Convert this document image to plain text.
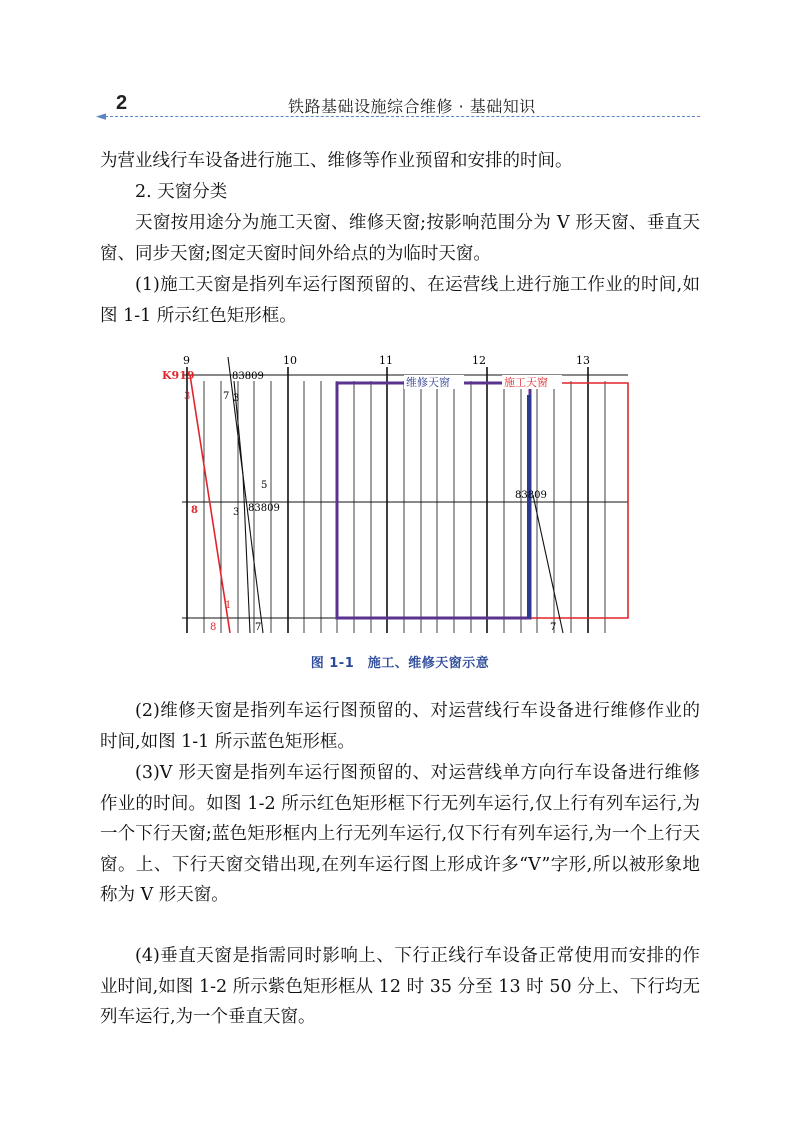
2	铁路基础设施综合维修 · 基础知识
◄

为营业线行车设备进行施工、维修等作业预留和安排的时间。

2. 天窗分类

天窗按用途分为施工天窗、维修天窗;按影响范围分为 V 形天窗、垂直天窗、同步天窗;图定天窗时间外给点的为临时天窗。

(1)施工天窗是指列车运行图预留的、在运营线上进行施工作业的时间,如图 1-1 所示红色矩形框。

9	10	11	12	13
K919	83809
3	7 3
5
8	3 83809
83809
1
8	7	7
维修天窗	施工天窗
图 1-1　施工、维修天窗示意

(2)维修天窗是指列车运行图预留的、对运营线行车设备进行维修作业的时间,如图 1-1 所示蓝色矩形框。

(3)V 形天窗是指列车运行图预留的、对运营线单方向行车设备进行维修作业的时间。如图 1-2 所示红色矩形框下行无列车运行,仅上行有列车运行,为一个下行天窗;蓝色矩形框内上行无列车运行,仅下行有列车运行,为一个上行天窗。上、下行天窗交错出现,在列车运行图上形成许多“V”字形,所以被形象地称为 V 形天窗。

(4)垂直天窗是指需同时影响上、下行正线行车设备正常使用而安排的作业时间,如图 1-2 所示紫色矩形框从 12 时 35 分至 13 时 50 分上、下行均无列车运行,为一个垂直天窗。
